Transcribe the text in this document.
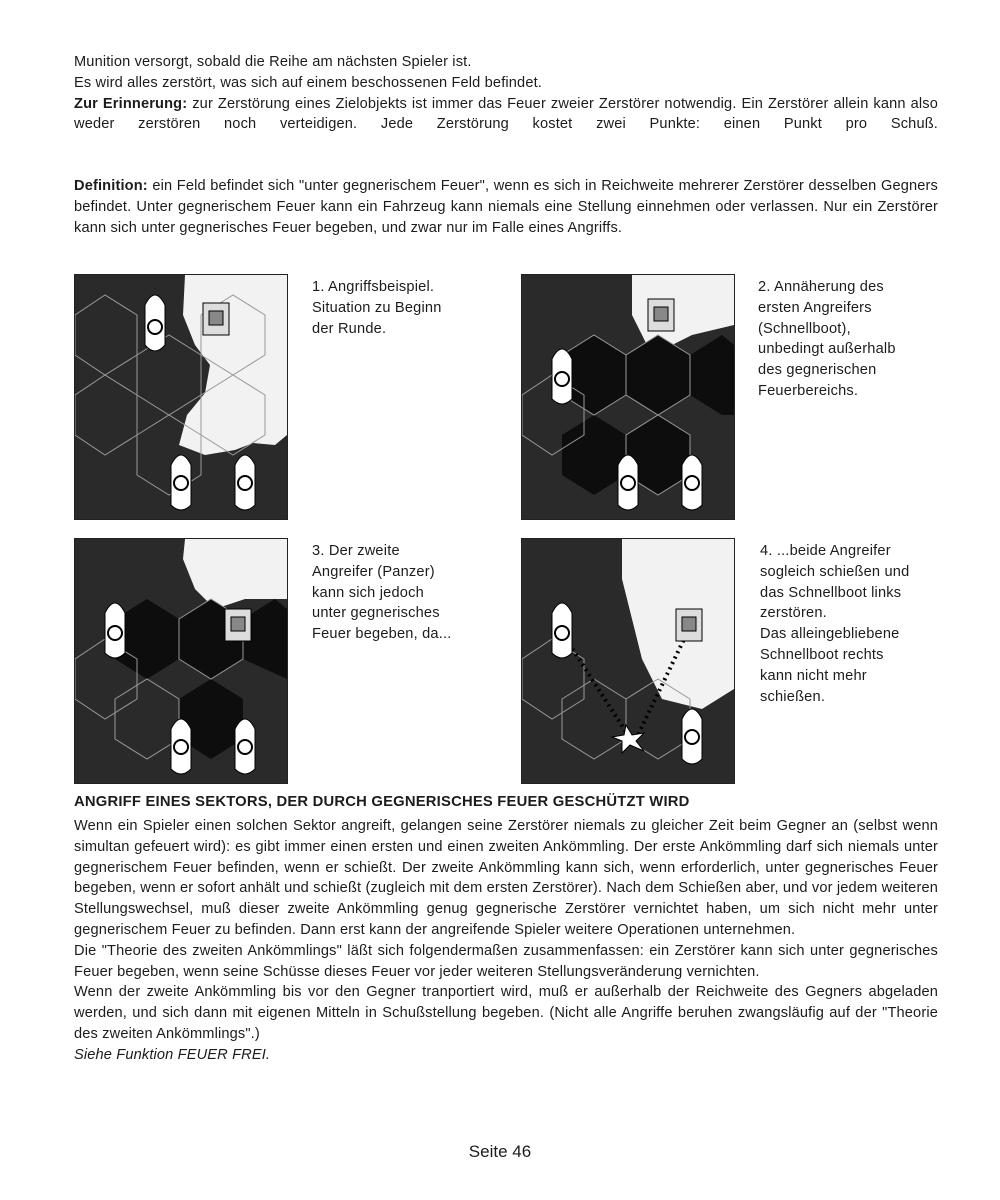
Munition versorgt, sobald die Reihe am nächsten Spieler ist.
Es wird alles zerstört, was sich auf einem beschossenen Feld befindet.
Zur Erinnerung: zur Zerstörung eines Zielobjekts ist immer das Feuer zweier Zerstörer notwendig. Ein Zerstörer allein kann also weder zerstören noch verteidigen. Jede Zerstörung kostet zwei Punkte: einen Punkt pro Schuß.
Definition: ein Feld befindet sich "unter gegnerischem Feuer", wenn es sich in Reichweite mehrerer Zerstörer desselben Gegners befindet. Unter gegnerischem Feuer kann ein Fahrzeug kann niemals eine Stellung einnehmen oder verlassen. Nur ein Zerstörer kann sich unter gegnerisches Feuer begeben, und zwar nur im Falle eines Angriffs.
1. Angriffsbeispiel.
Situation zu Beginn
der Runde.
2. Annäherung des
ersten Angreifers
(Schnellboot),
unbedingt außerhalb
des gegnerischen
Feuerbereichs.
3. Der zweite
Angreifer (Panzer)
kann sich jedoch
unter gegnerisches
Feuer begeben, da...
4. ...beide Angreifer
sogleich schießen und
das Schnellboot links
zerstören.
Das alleingebliebene
Schnellboot rechts
kann nicht mehr
schießen.
ANGRIFF EINES SEKTORS, DER DURCH GEGNERISCHES FEUER GESCHÜTZT WIRD
Wenn ein Spieler einen solchen Sektor angreift, gelangen seine Zerstörer niemals zu gleicher Zeit beim Gegner an (selbst wenn simultan gefeuert wird): es gibt immer einen ersten und einen zweiten Ankömmling. Der erste Ankömmling darf sich niemals unter gegnerischem Feuer befinden, wenn er schießt. Der zweite Ankömmling kann sich, wenn erforderlich, unter gegnerisches Feuer begeben, wenn er sofort anhält und schießt (zugleich mit dem ersten Zerstörer). Nach dem Schießen aber, und vor jedem weiteren Stellungswechsel, muß dieser zweite Ankömmling genug gegnerische Zerstörer vernichtet haben, um sich nicht mehr unter gegnerischem Feuer zu befinden. Dann erst kann der angreifende Spieler weitere Operationen unternehmen.
Die "Theorie des zweiten Ankömmlings" läßt sich folgendermaßen zusammenfassen: ein Zerstörer kann sich unter gegnerisches Feuer begeben, wenn seine Schüsse dieses Feuer vor jeder weiteren Stellungsveränderung vernichten.
Wenn der zweite Ankömmling bis vor den Gegner tranportiert wird, muß er außerhalb der Reichweite des Gegners abgeladen werden, und sich dann mit eigenen Mitteln in Schußstellung begeben. (Nicht alle Angriffe beruhen zwangsläufig auf der "Theorie des zweiten Ankömmlings".)
Siehe Funktion FEUER FREI.
Seite 46
